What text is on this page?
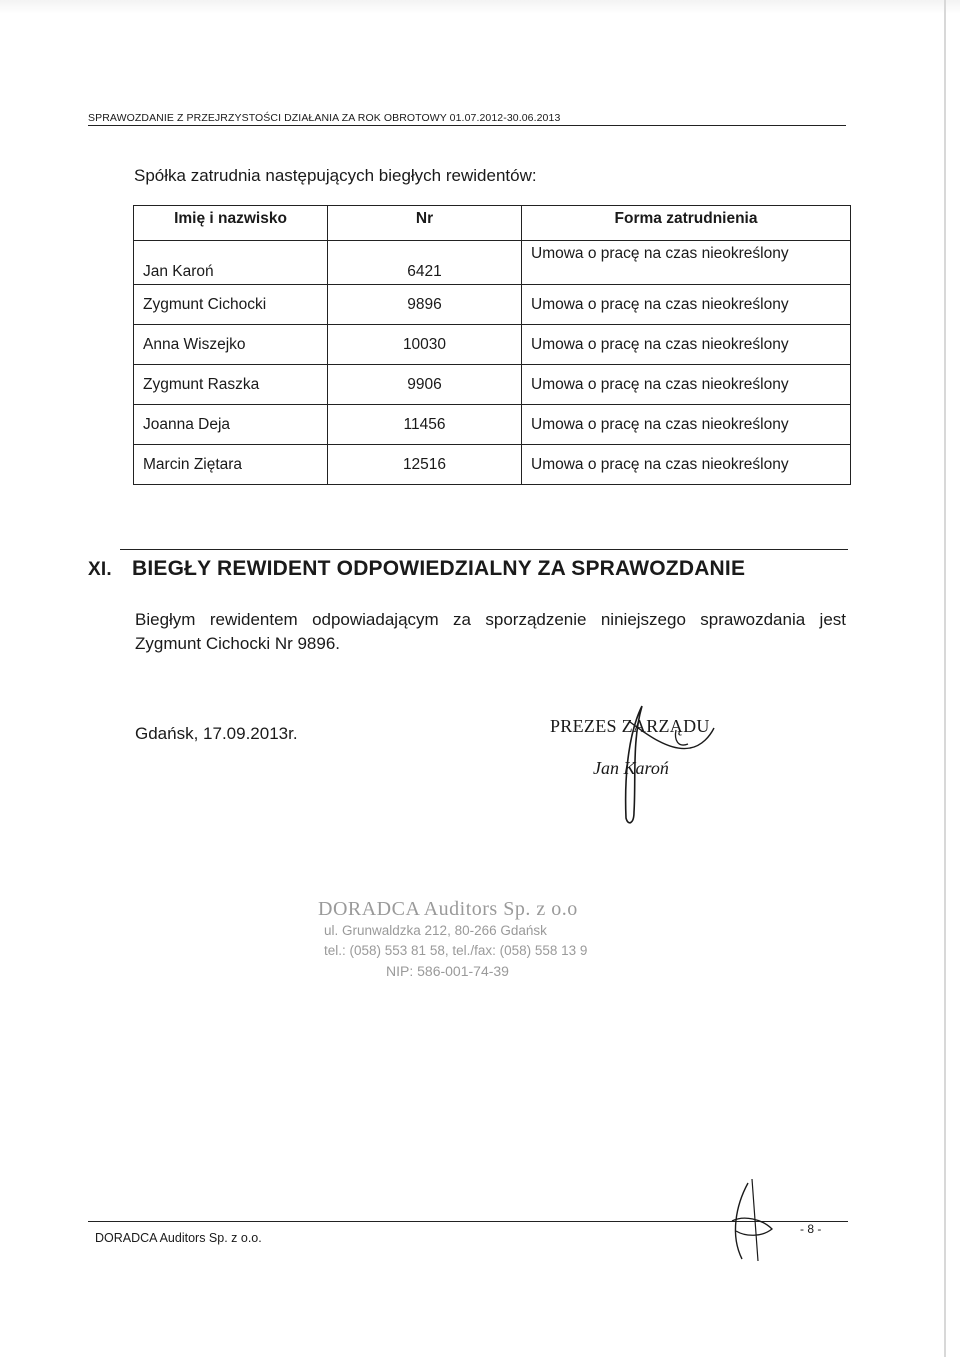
SPRAWOZDANIE Z PRZEJRZYSTOŚCI DZIAŁANIA ZA ROK OBROTOWY 01.07.2012-30.06.2013
Spółka zatrudnia następujących biegłych rewidentów:
Imię i nazwisko	Nr	Forma zatrudnienia
Jan Karoń	6421	Umowa o pracę na czas nieokreślony
Zygmunt Cichocki	9896	Umowa o pracę na czas nieokreślony
Anna Wiszejko	10030	Umowa o pracę na czas nieokreślony
Zygmunt Raszka	9906	Umowa o pracę na czas nieokreślony
Joanna Deja	11456	Umowa o pracę na czas nieokreślony
Marcin Ziętara	12516	Umowa o pracę na czas nieokreślony
XI. BIEGŁY REWIDENT ODPOWIEDZIALNY ZA SPRAWOZDANIE
Biegłym rewidentem odpowiadającym za sporządzenie niniejszego sprawozdania jest Zygmunt Cichocki Nr 9896.
Gdańsk, 17.09.2013r.	PREZES ZARZĄDU
Jan Karoń
DORADCA Auditors Sp. z o.o
ul. Grunwaldzka 212, 80-266 Gdańsk
tel.: (058) 553 81 58, tel./fax: (058) 558 13 9
NIP: 586-001-74-39
DORADCA Auditors Sp. z o.o.
- 8 -
